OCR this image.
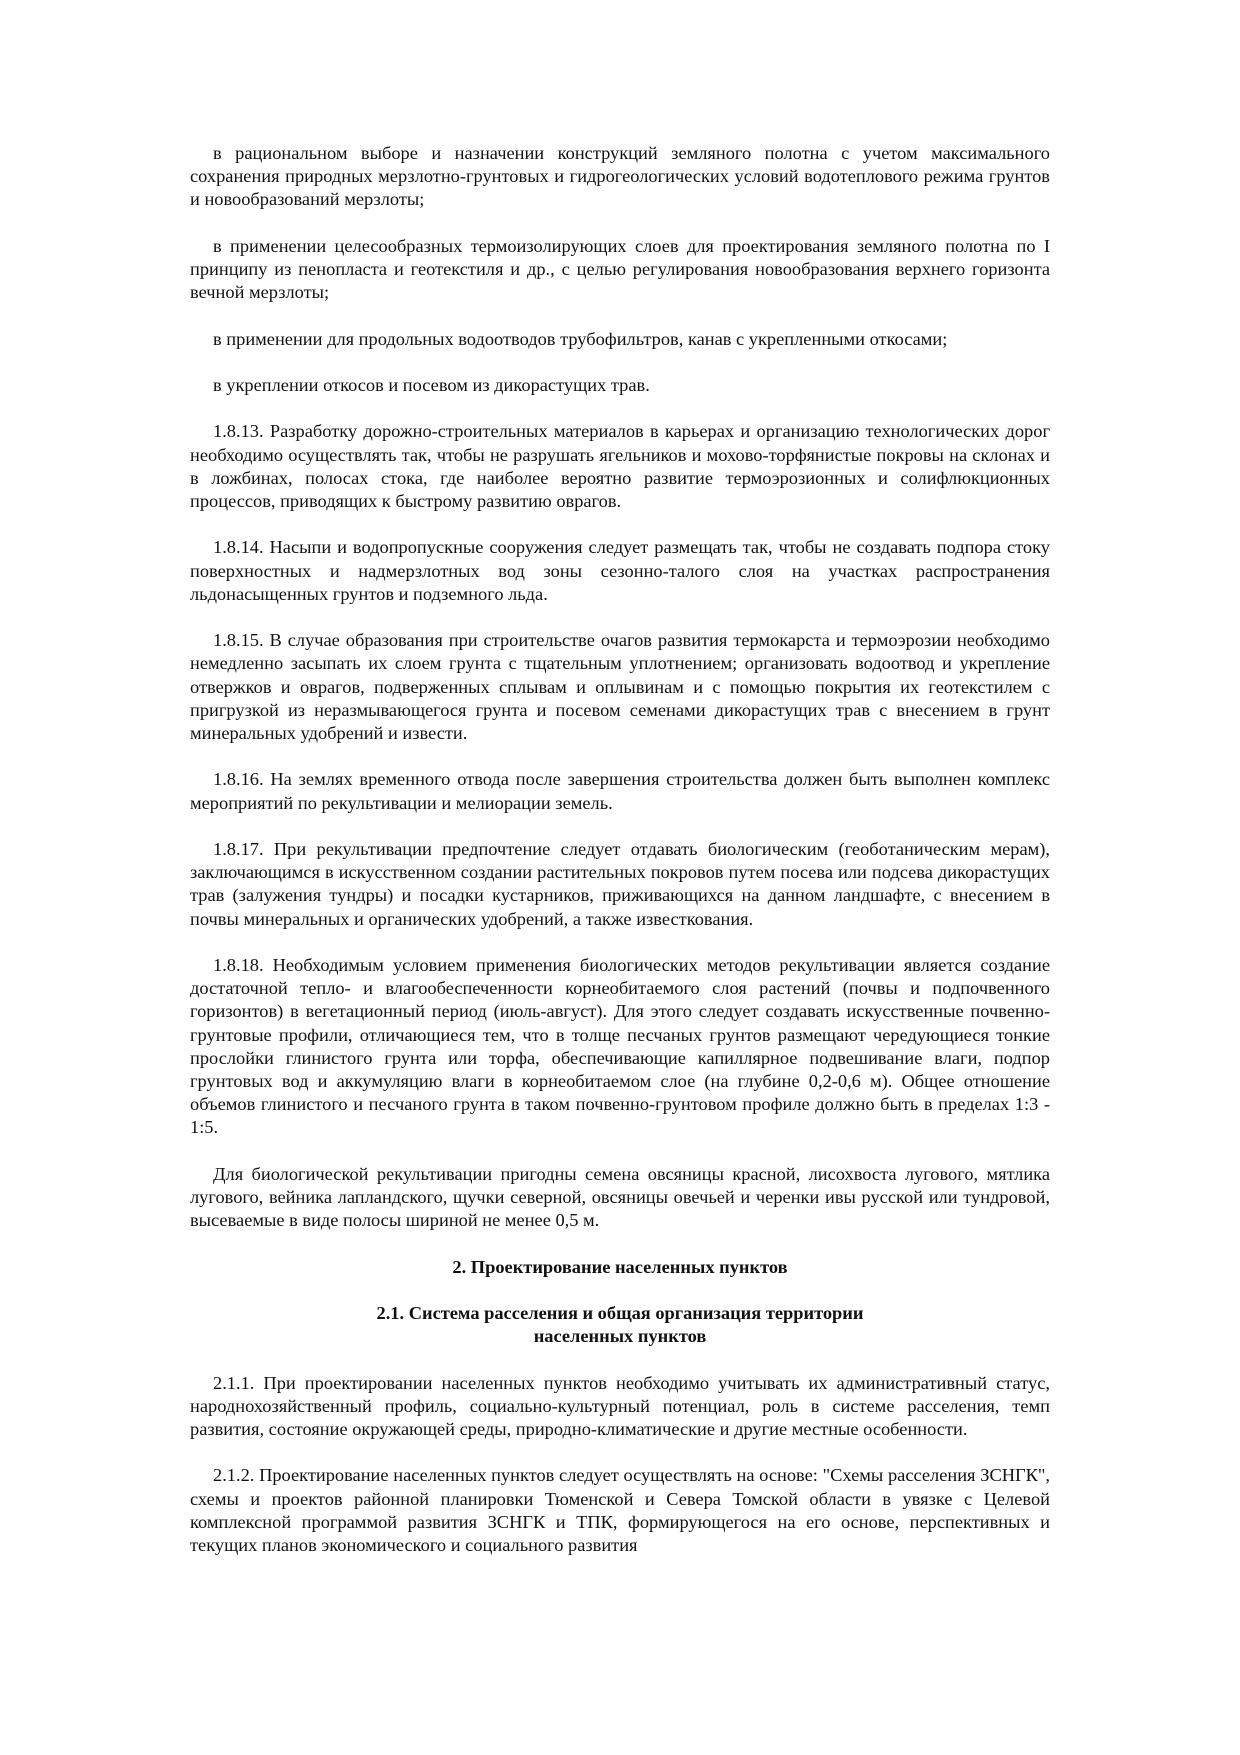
в рациональном выборе и назначении конструкций земляного полотна с учетом максимального сохранения природных мерзлотно-грунтовых и гидрогеологических условий водотеплового режима грунтов и новообразований мерзлоты;

в применении целесообразных термоизолирующих слоев для проектирования земляного полотна по I принципу из пенопласта и геотекстиля и др., с целью регулирования новообразования верхнего горизонта вечной мерзлоты;

в применении для продольных водоотводов трубофильтров, канав с укрепленными откосами;

в укреплении откосов и посевом из дикорастущих трав.

1.8.13. Разработку дорожно-строительных материалов в карьерах и организацию технологических дорог необходимо осуществлять так, чтобы не разрушать ягельников и мохово-торфянистые покровы на склонах и в ложбинах, полосах стока, где наиболее вероятно развитие термоэрозионных и солифлюкционных процессов, приводящих к быстрому развитию оврагов.

1.8.14. Насыпи и водопропускные сооружения следует размещать так, чтобы не создавать подпора стоку поверхностных и надмерзлотных вод зоны сезонно-талого слоя на участках распространения льдонасыщенных грунтов и подземного льда.

1.8.15. В случае образования при строительстве очагов развития термокарста и термоэрозии необходимо немедленно засыпать их слоем грунта с тщательным уплотнением; организовать водоотвод и укрепление отвержков и оврагов, подверженных сплывам и оплывинам и с помощью покрытия их геотекстилем с пригрузкой из неразмывающегося грунта и посевом семенами дикорастущих трав с внесением в грунт минеральных удобрений и извести.

1.8.16. На землях временного отвода после завершения строительства должен быть выполнен комплекс мероприятий по рекультивации и мелиорации земель.

1.8.17. При рекультивации предпочтение следует отдавать биологическим (геоботаническим мерам), заключающимся в искусственном создании растительных покровов путем посева или подсева дикорастущих трав (залужения тундры) и посадки кустарников, приживающихся на данном ландшафте, с внесением в почвы минеральных и органических удобрений, а также известкования.

1.8.18. Необходимым условием применения биологических методов рекультивации является создание достаточной тепло- и влагообеспеченности корнеобитаемого слоя растений (почвы и подпочвенного горизонтов) в вегетационный период (июль-август). Для этого следует создавать искусственные почвенно-грунтовые профили, отличающиеся тем, что в толще песчаных грунтов размещают чередующиеся тонкие прослойки глинистого грунта или торфа, обеспечивающие капиллярное подвешивание влаги, подпор грунтовых вод и аккумуляцию влаги в корнеобитаемом слое (на глубине 0,2-0,6 м). Общее отношение объемов глинистого и песчаного грунта в таком почвенно-грунтовом профиле должно быть в пределах 1:3 - 1:5.

Для биологической рекультивации пригодны семена овсяницы красной, лисохвоста лугового, мятлика лугового, вейника лапландского, щучки северной, овсяницы овечьей и черенки ивы русской или тундровой, высеваемые в виде полосы шириной не менее 0,5 м.

2. Проектирование населенных пунктов
2.1. Система расселения и общая организация территории
населенных пунктов

2.1.1. При проектировании населенных пунктов необходимо учитывать их административный статус, народнохозяйственный профиль, социально-культурный потенциал, роль в системе расселения, темп развития, состояние окружающей среды, природно-климатические и другие местные особенности.

2.1.2. Проектирование населенных пунктов следует осуществлять на основе: "Схемы расселения ЗСНГК", схемы и проектов районной планировки Тюменской и Севера Томской области в увязке с Целевой комплексной программой развития ЗСНГК и ТПК, формирующегося на его основе, перспективных и текущих планов экономического и социального развития
